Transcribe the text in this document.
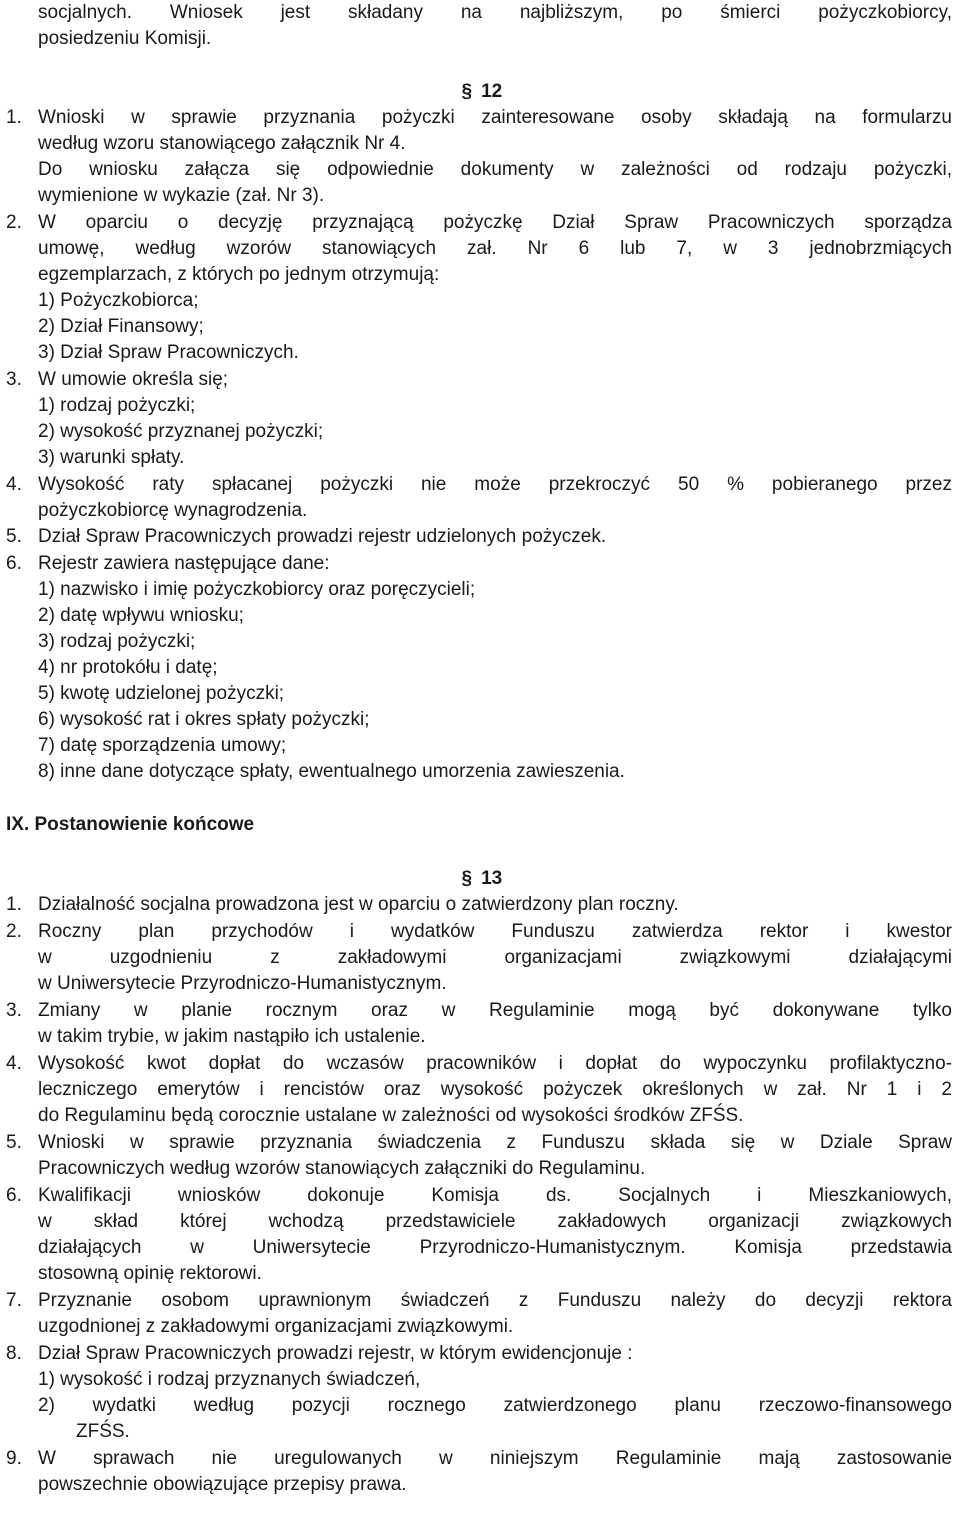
socjalnych. Wniosek jest składany na najbliższym, po śmierci pożyczkobiorcy,
posiedzeniu Komisji.
§ 12
1. Wnioski w sprawie przyznania pożyczki zainteresowane osoby składają na formularzu
według wzoru stanowiącego załącznik Nr 4.
Do wniosku załącza się odpowiednie dokumenty w zależności od rodzaju pożyczki,
wymienione w wykazie (zał. Nr 3).
2. W oparciu o decyzję przyznającą pożyczkę Dział Spraw Pracowniczych sporządza
umowę, według wzorów stanowiących zał. Nr 6 lub 7, w 3 jednobrzmiących
egzemplarzach, z których po jednym otrzymują:
1) Pożyczkobiorca;
2) Dział Finansowy;
3) Dział Spraw Pracowniczych.
3. W umowie określa się;
1) rodzaj pożyczki;
2) wysokość przyznanej pożyczki;
3) warunki spłaty.
4. Wysokość raty spłacanej pożyczki nie może przekroczyć 50 % pobieranego przez
pożyczkobiorcę wynagrodzenia.
5. Dział Spraw Pracowniczych prowadzi rejestr udzielonych pożyczek.
6. Rejestr zawiera następujące dane:
1) nazwisko i imię pożyczkobiorcy oraz poręczycieli;
2) datę wpływu wniosku;
3) rodzaj pożyczki;
4) nr protokółu i datę;
5) kwotę udzielonej pożyczki;
6) wysokość rat i okres spłaty pożyczki;
7) datę sporządzenia umowy;
8) inne dane dotyczące spłaty, ewentualnego umorzenia zawieszenia.
IX. Postanowienie końcowe
§ 13
1. Działalność socjalna prowadzona jest w oparciu o zatwierdzony plan roczny.
2. Roczny plan przychodów i wydatków Funduszu zatwierdza rektor i kwestor
w uzgodnieniu z zakładowymi organizacjami związkowymi działającymi
w Uniwersytecie Przyrodniczo-Humanistycznym.
3. Zmiany w planie rocznym oraz w Regulaminie mogą być dokonywane tylko
w takim trybie, w jakim nastąpiło ich ustalenie.
4. Wysokość kwot dopłat do wczasów pracowników i dopłat do wypoczynku profilaktyczno-
leczniczego emerytów i rencistów oraz wysokość pożyczek określonych w zał. Nr 1 i 2
do Regulaminu będą corocznie ustalane w zależności od wysokości środków ZFŚS.
5. Wnioski w sprawie przyznania świadczenia z Funduszu składa się w Dziale Spraw
Pracowniczych według wzorów stanowiących załączniki do Regulaminu.
6. Kwalifikacji wniosków dokonuje Komisja ds. Socjalnych i Mieszkaniowych,
w skład której wchodzą przedstawiciele zakładowych organizacji związkowych
działających w Uniwersytecie Przyrodniczo-Humanistycznym. Komisja przedstawia
stosowną opinię rektorowi.
7. Przyznanie osobom uprawnionym świadczeń z Funduszu należy do decyzji rektora
uzgodnionej z zakładowymi organizacjami związkowymi.
8. Dział Spraw Pracowniczych prowadzi rejestr, w którym ewidencjonuje :
1) wysokość i rodzaj przyznanych świadczeń,
2) wydatki według pozycji rocznego zatwierdzonego planu rzeczowo-finansowego
ZFŚS.
9. W sprawach nie uregulowanych w niniejszym Regulaminie mają zastosowanie
powszechnie obowiązujące przepisy prawa.
